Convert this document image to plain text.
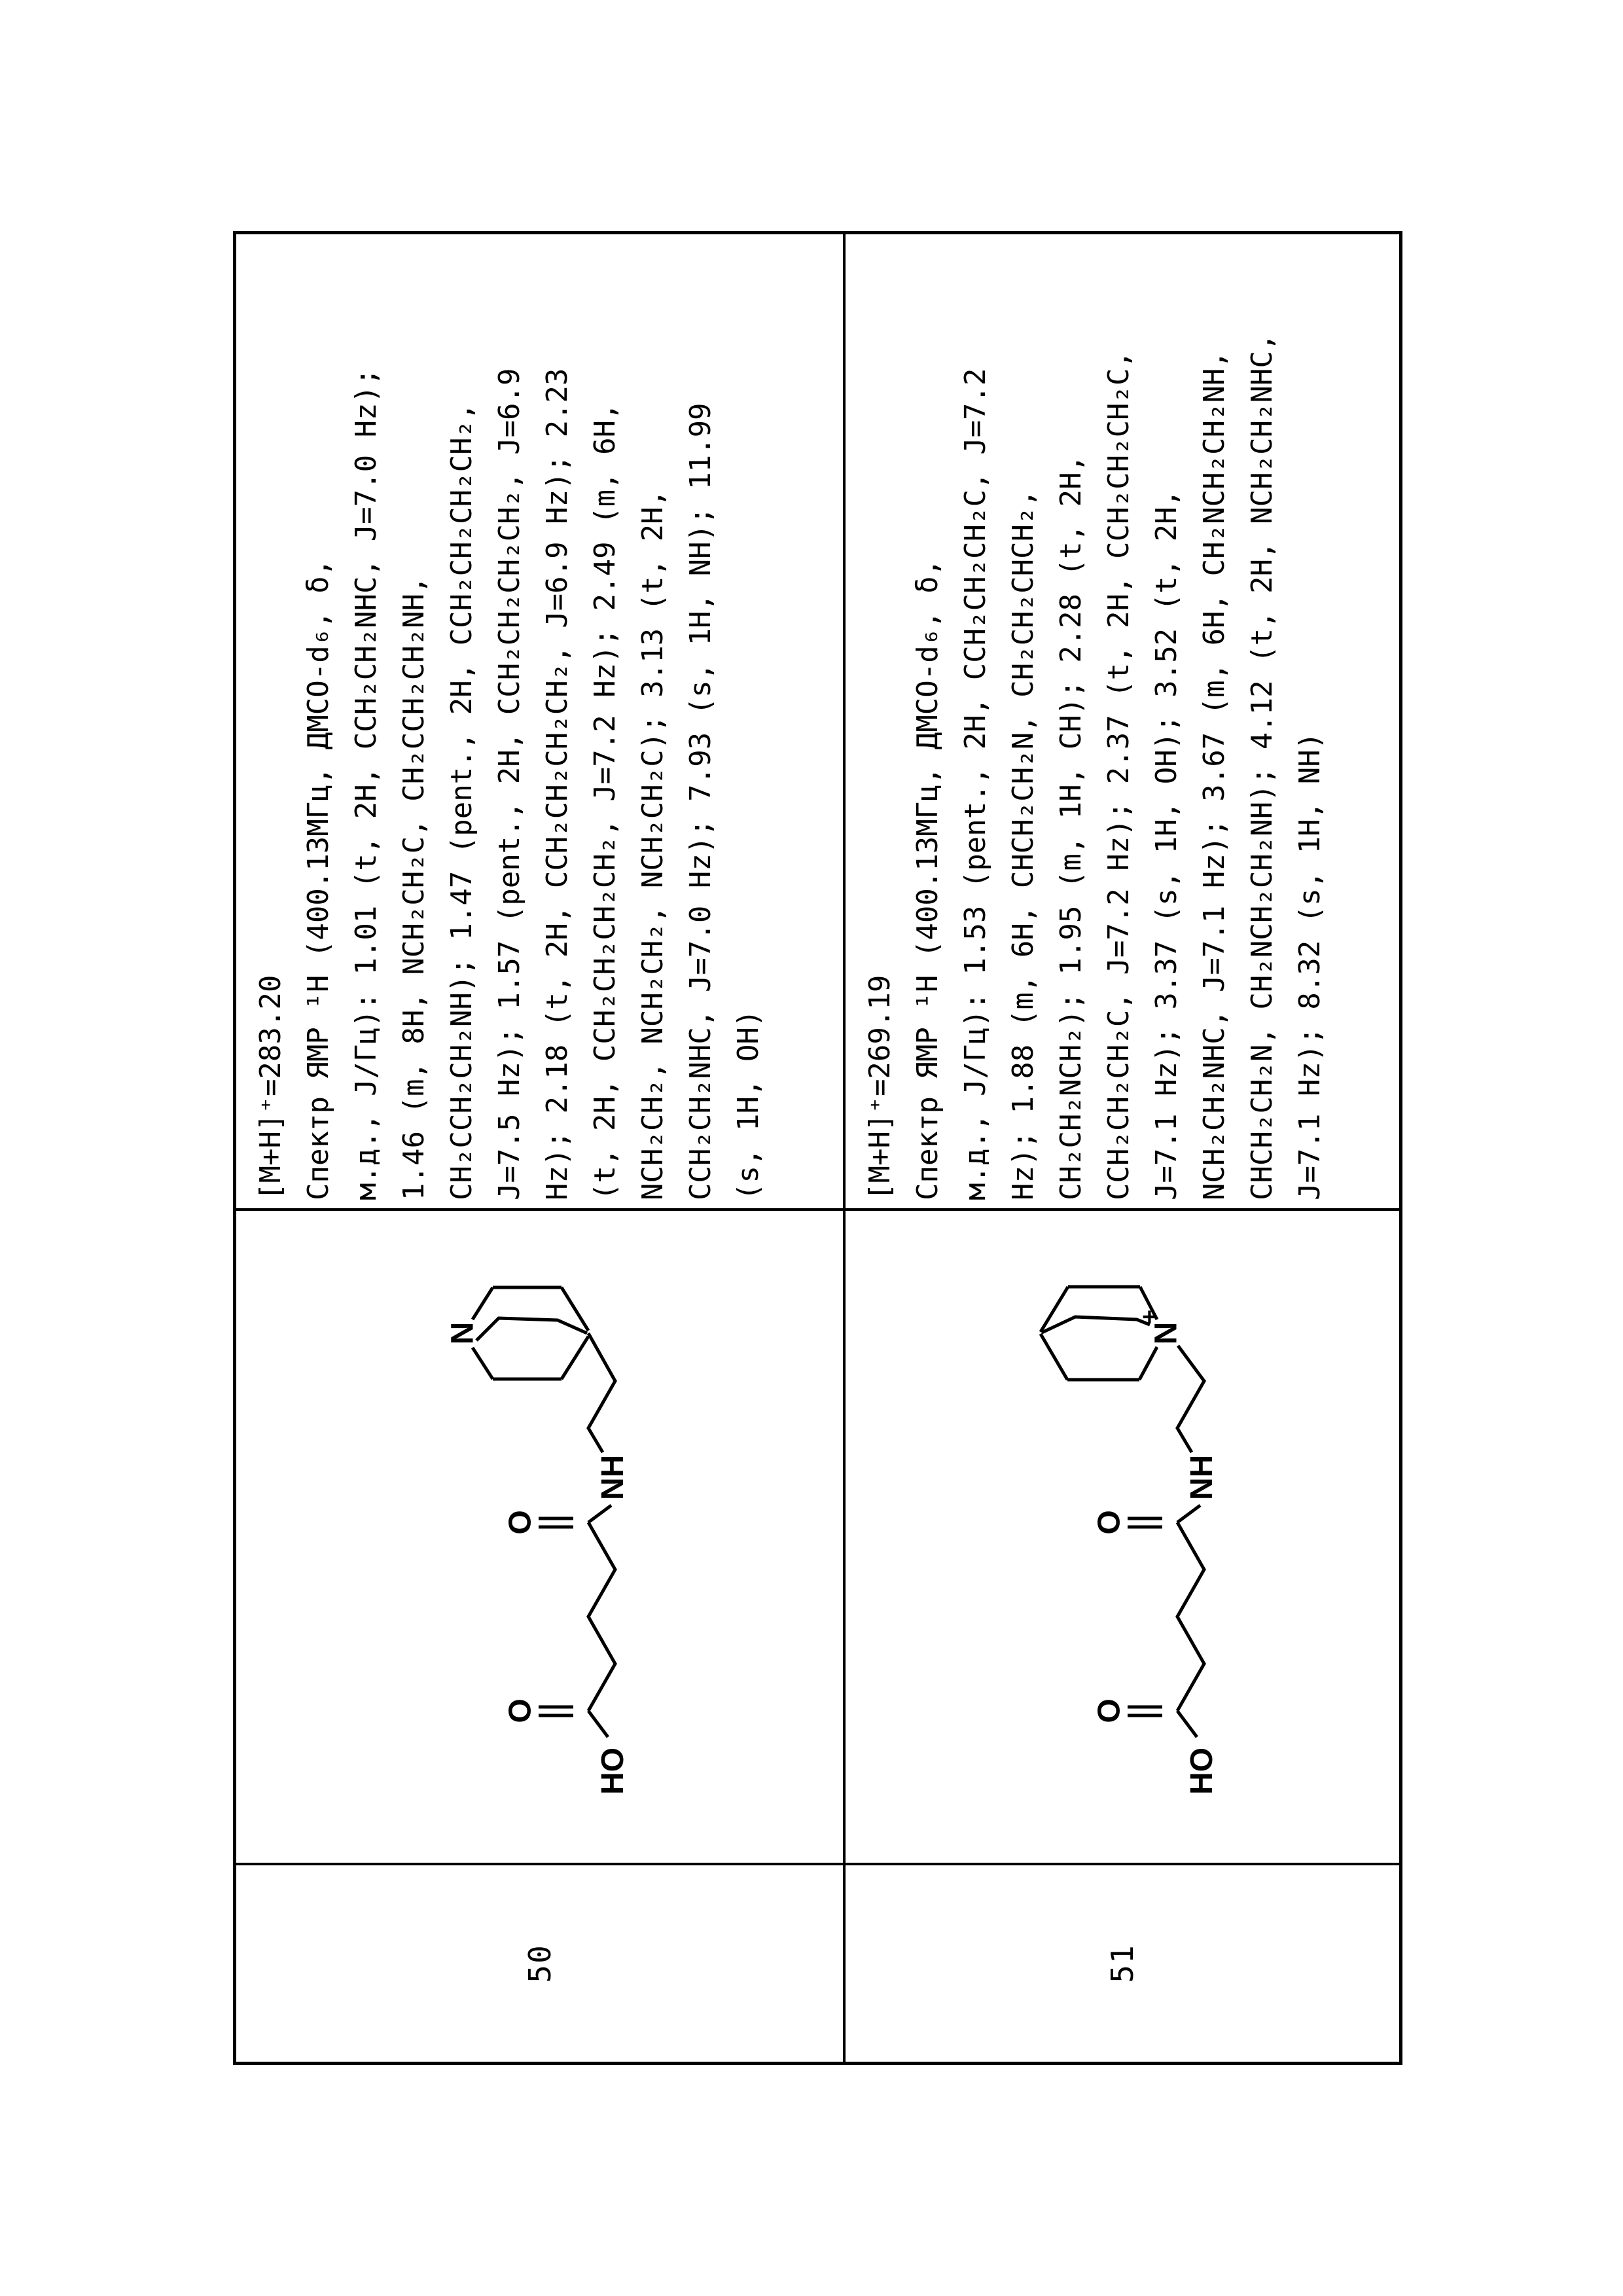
50
[M+H]⁺=283.20
Спектр ЯМР ¹H (400.13МГц, ДМСО-d₆, δ,
м.д., J/Гц): 1.01 (t, 2H, CCH₂CH₂NHC, J=7.0 Hz);
1.46 (m, 8H, NCH₂CH₂C, CH₂CCH₂CH₂NH,
CH₂CCH₂CH₂NH); 1.47 (pent., 2H, CCH₂CH₂CH₂CH₂,
J=7.5 Hz); 1.57 (pent., 2H, CCH₂CH₂CH₂CH₂, J=6.9
Hz); 2.18 (t, 2H, CCH₂CH₂CH₂CH₂, J=6.9 Hz); 2.23
(t, 2H, CCH₂CH₂CH₂CH₂, J=7.2 Hz); 2.49 (m, 6H,
NCH₂CH₂, NCH₂CH₂, NCH₂CH₂C); 3.13 (t, 2H,
CCH₂CH₂NHC, J=7.0 Hz); 7.93 (s, 1H, NH); 11.99
(s, 1H, OH)
51
[M+H]⁺=269.19
Спектр ЯМР ¹H (400.13МГц, ДМСО-d₆, δ,
м.д., J/Гц): 1.53 (pent., 2H, CCH₂CH₂CH₂C, J=7.2
Hz); 1.88 (m, 6H, CHCH₂CH₂N, CH₂CH₂CHCH₂,
CH₂CH₂NCH₂); 1.95 (m, 1H, CH); 2.28 (t, 2H,
CCH₂CH₂CH₂C, J=7.2 Hz); 2.37 (t, 2H, CCH₂CH₂CH₂C,
J=7.1 Hz); 3.37 (s, 1H, OH); 3.52 (t, 2H,
NCH₂CH₂NHC, J=7.1 Hz); 3.67 (m, 6H, CH₂NCH₂CH₂NH,
CHCH₂CH₂N, CH₂NCH₂CH₂NH); 4.12 (t, 2H, NCH₂CH₂NHC,
J=7.1 Hz); 8.32 (s, 1H, NH)
N
NH
O
O
HO
N
+
NH
O
O
HO
